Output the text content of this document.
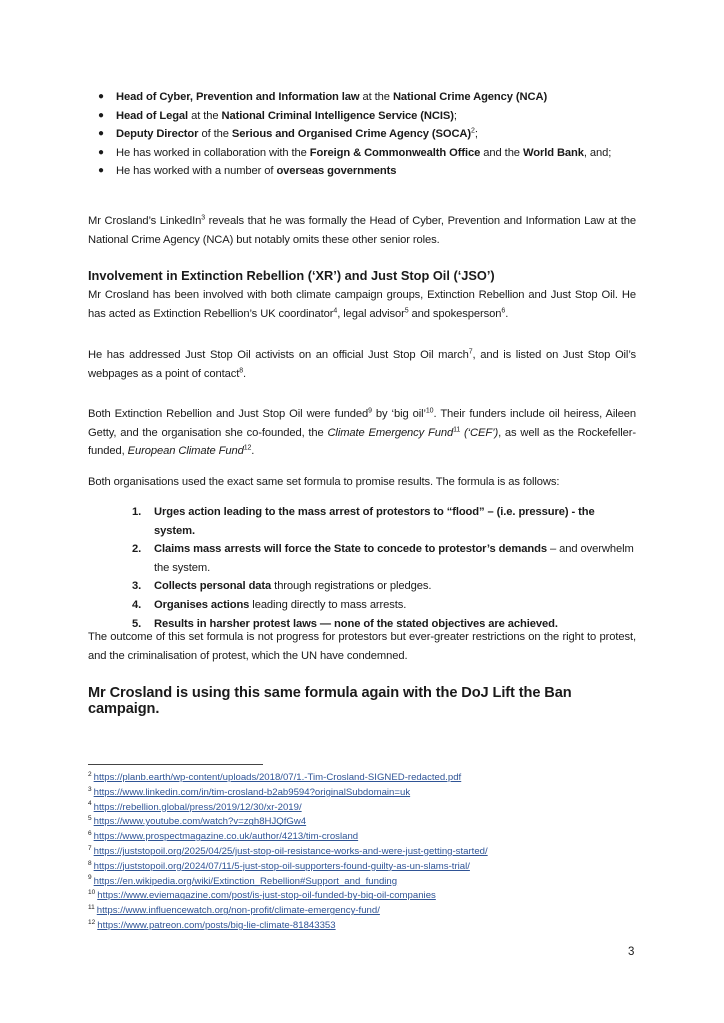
● Head of Cyber, Prevention and Information law at the National Crime Agency (NCA)
● Head of Legal at the National Criminal Intelligence Service (NCIS);
● Deputy Director of the Serious and Organised Crime Agency (SOCA)$^2$;
● He has worked in collaboration with the Foreign & Commonwealth Office and the World Bank, and;
● He has worked with a number of overseas governments

Mr Crosland’s LinkedIn$^3$ reveals that he was formally the Head of Cyber, Prevention and Information Law at the National Crime Agency (NCA) but notably omits these other senior roles.

Involvement in Extinction Rebellion (‘XR’) and Just Stop Oil (‘JSO’)

Mr Crosland has been involved with both climate campaign groups, Extinction Rebellion and Just Stop Oil. He has acted as Extinction Rebellion’s UK coordinator$^4$, legal advisor$^5$ and spokesperson$^6$.

He has addressed Just Stop Oil activists on an official Just Stop Oil march$^7$, and is listed on Just Stop Oil’s webpages as a point of contact$^8$.

Both Extinction Rebellion and Just Stop Oil were funded$^9$ by ‘big oil’$^{10}$. Their funders include oil heiress, Aileen Getty, and the organisation she co-founded, the Climate Emergency Fund$^{11}$ (‘CEF’), as well as the Rockefeller-funded, European Climate Fund$^{12}$.

Both organisations used the exact same set formula to promise results. The formula is as follows:

1. Urges action leading to the mass arrest of protestors to “flood” – (i.e. pressure) - the system.
2. Claims mass arrests will force the State to concede to protestor’s demands – and overwhelm the system.
3. Collects personal data through registrations or pledges.
4. Organises actions leading directly to mass arrests.
5. Results in harsher protest laws — none of the stated objectives are achieved.

The outcome of this set formula is not progress for protestors but ever-greater restrictions on the right to protest, and the criminalisation of protest, which the UN have condemned.

Mr Crosland is using this same formula again with the DoJ Lift the Ban campaign.
$^2$ https://planb.earth/wp-content/uploads/2018/07/1.-Tim-Crosland-SIGNED-redacted.pdf
$^3$ https://www.linkedin.com/in/tim-crosland-b2ab9594?originalSubdomain=uk
$^4$ https://rebellion.global/press/2019/12/30/xr-2019/
$^5$ https://www.youtube.com/watch?v=zgh8HJQfGw4
$^6$ https://www.prospectmagazine.co.uk/author/4213/tim-crosland
$^7$ https://juststopoil.org/2025/04/25/just-stop-oil-resistance-works-and-were-just-getting-started/
$^8$ https://juststopoil.org/2024/07/11/5-just-stop-oil-supporters-found-guilty-as-un-slams-trial/
$^9$ https://en.wikipedia.org/wiki/Extinction_Rebellion#Support_and_funding
$^{10}$ https://www.eviemagazine.com/post/is-just-stop-oil-funded-by-big-oil-companies
$^{11}$ https://www.influencewatch.org/non-profit/climate-emergency-fund/
$^{12}$ https://www.patreon.com/posts/big-lie-climate-81843353
3
